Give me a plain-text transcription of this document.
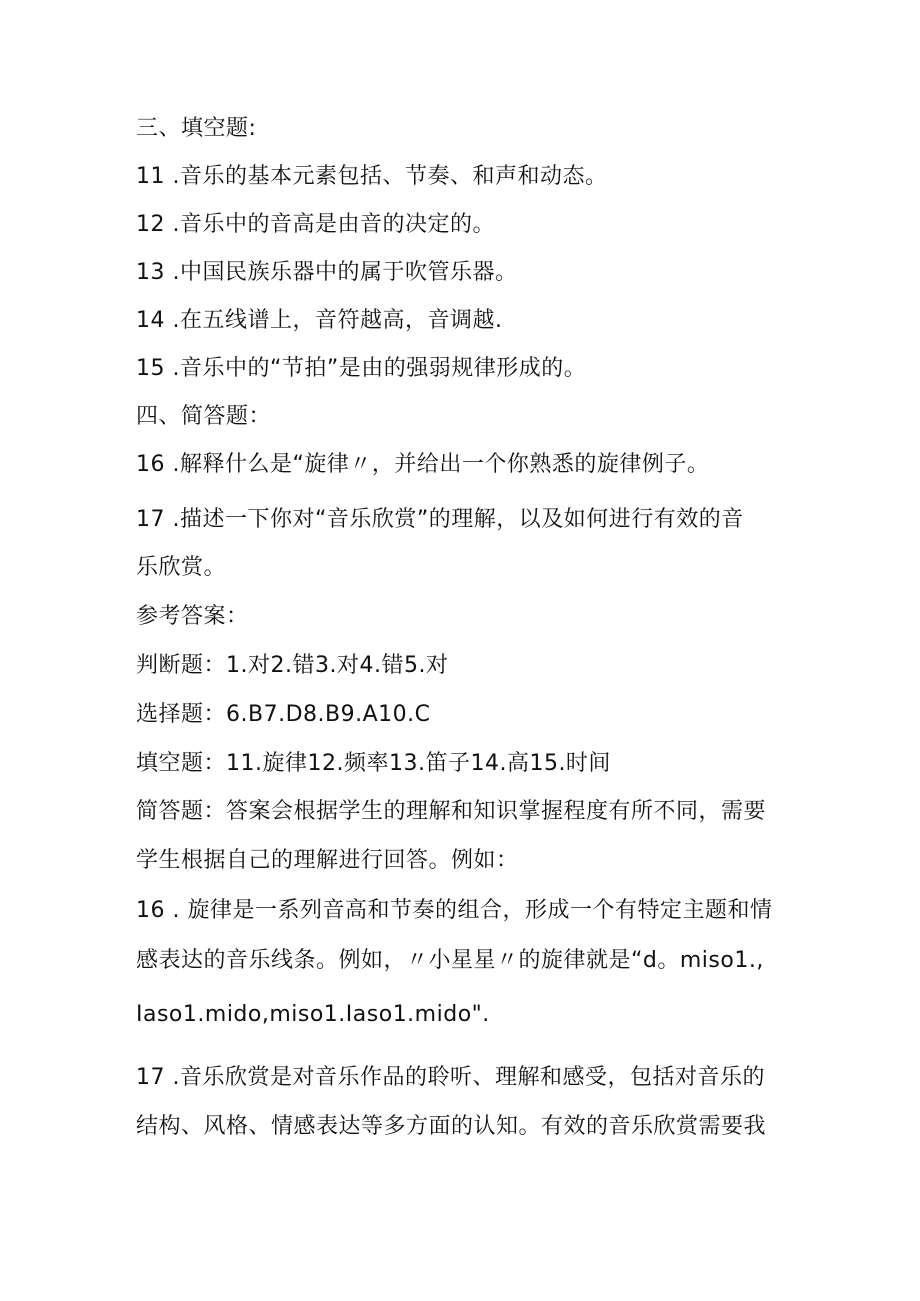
三、填空题:
11 .音乐的基本元素包括、节奏、和声和动态。
12 .音乐中的音高是由音的决定的。
13 .中国民族乐器中的属于吹管乐器。
14 .在五线谱上，音符越高，音调越.
15 .音乐中的“节拍”是由的强弱规律形成的。
四、简答题：
16 .解释什么是“旋律〃，并给出一个你熟悉的旋律例子。
17 .描述一下你对“音乐欣赏”的理解，以及如何进行有效的音
乐欣赏。
参考答案：
判断题：1.对2.错3.对4.错5.对
选择题：6.B7.D8.B9.A10.C
填空题：11.旋律12.频率13.笛子14.高15.时间
简答题：答案会根据学生的理解和知识掌握程度有所不同，需要
学生根据自己的理解进行回答。例如：
16 . 旋律是一系列音高和节奏的组合，形成一个有特定主题和情
感表达的音乐线条。例如，〃小星星〃的旋律就是“d。miso1.,
Iaso1.mido,miso1.Iaso1.mido".
17 .音乐欣赏是对音乐作品的聆听、理解和感受，包括对音乐的
结构、风格、情感表达等多方面的认知。有效的音乐欣赏需要我
